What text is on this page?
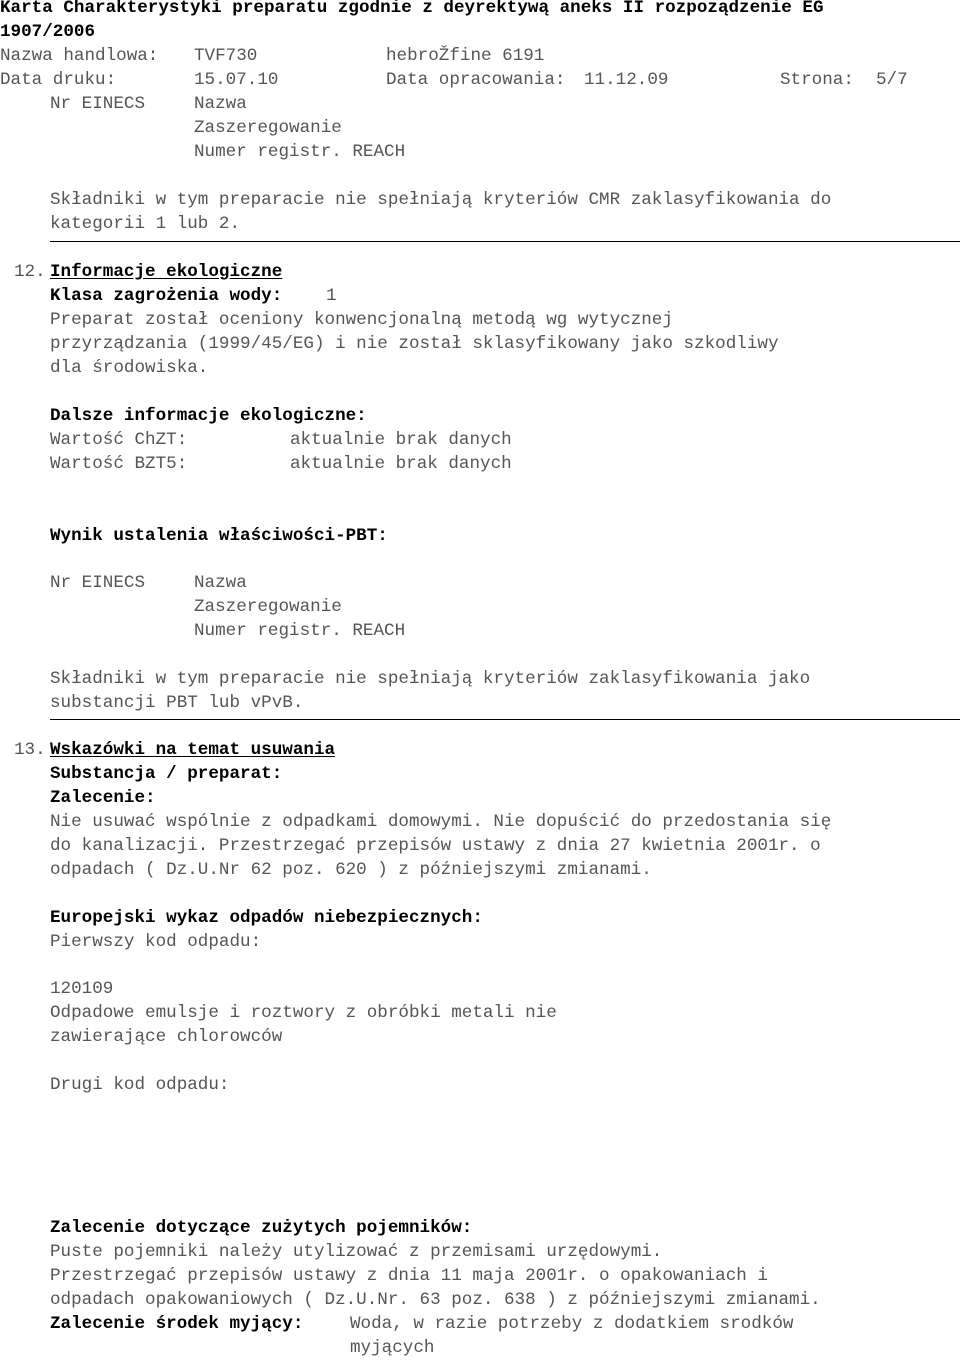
Karta Charakterystyki preparatu zgodnie z deyrektywą aneks II rozpoządzenie EG
1907/2006
Nazwa handlowa: TVF730	hebroŽfine 6191
Data druku:	15.07.10	Data opracowania: 11.12.09	Strona: 5/7
Nr EINECS	Nazwa
Zaszeregowanie
Numer registr. REACH
Składniki w tym preparacie nie spełniają kryteriów CMR zaklasyfikowania do
kategorii 1 lub 2.
12. Informacje ekologiczne
Klasa zagrożenia wody: 1
Preparat został oceniony konwencjonalną metodą wg wytycznej
przyrządzania (1999/45/EG) i nie został sklasyfikowany jako szkodliwy
dla środowiska.
Dalsze informacje ekologiczne:
Wartość ChZT:	aktualnie brak danych
Wartość BZT5:	aktualnie brak danych
Wynik ustalenia właściwości-PBT:
Nr EINECS	Nazwa
Zaszeregowanie
Numer registr. REACH
Składniki w tym preparacie nie spełniają kryteriów zaklasyfikowania jako
substancji PBT lub vPvB.
13. Wskazówki na temat usuwania
Substancja / preparat:
Zalecenie:
Nie usuwać wspólnie z odpadkami domowymi. Nie dopuścić do przedostania się
do kanalizacji. Przestrzegać przepisów ustawy z dnia 27 kwietnia 2001r. o
odpadach ( Dz.U.Nr 62 poz. 620 ) z późniejszymi zmianami.
Europejski wykaz odpadów niebezpiecznych:
Pierwszy kod odpadu:
120109
Odpadowe emulsje i roztwory z obróbki metali nie
zawierające chlorowców
Drugi kod odpadu:
Zalecenie dotyczące zużytych pojemników:
Puste pojemniki należy utylizować z przemisami urzędowymi.
Przestrzegać przepisów ustawy z dnia 11 maja 2001r. o opakowaniach i
odpadach opakowaniowych ( Dz.U.Nr. 63 poz. 638 ) z późniejszymi zmianami.
Zalecenie środek myjący:	Woda, w razie potrzeby z dodatkiem srodków
myjących
